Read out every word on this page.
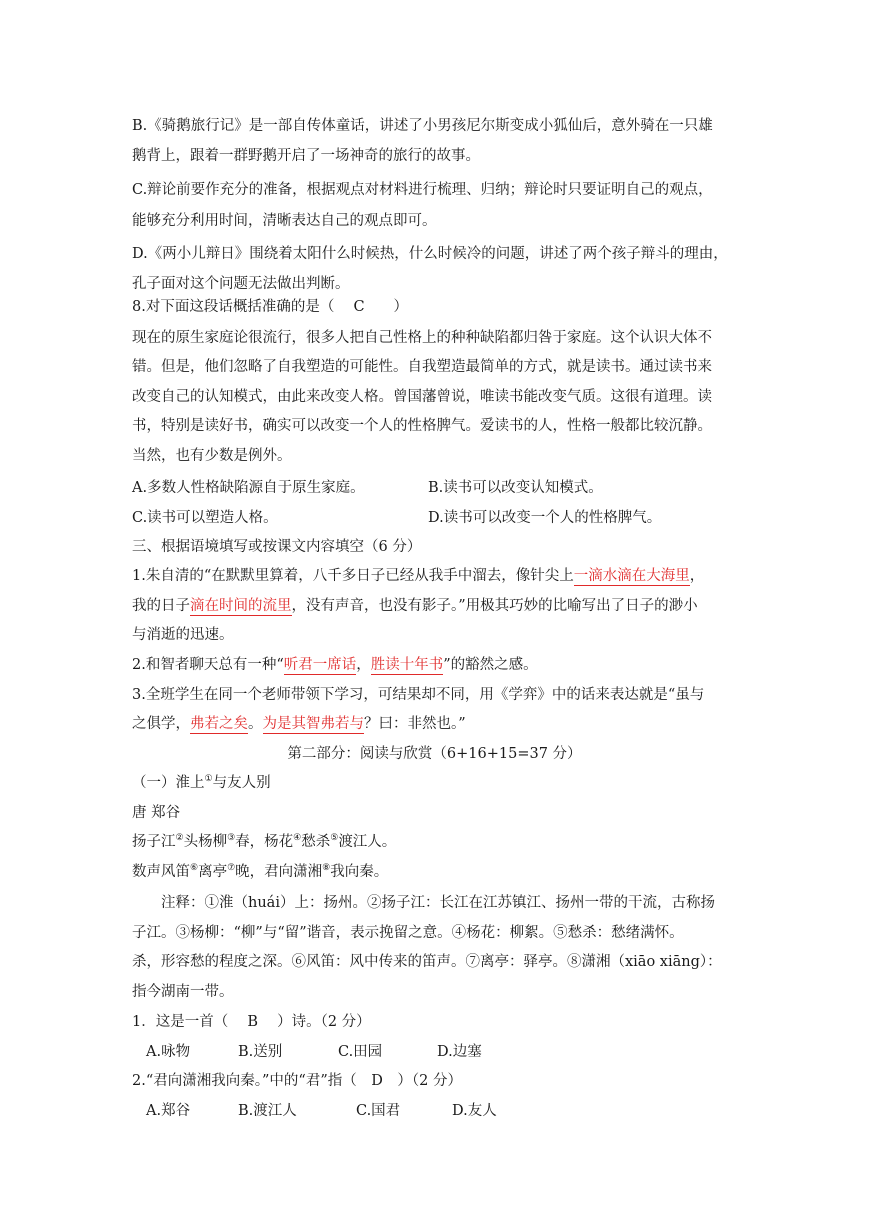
B.《骑鹅旅行记》是一部自传体童话，讲述了小男孩尼尔斯变成小狐仙后，意外骑在一只雄
鹅背上，跟着一群野鹅开启了一场神奇的旅行的故事。
C.辩论前要作充分的准备，根据观点对材料进行梳理、归纳；辩论时只要证明自己的观点，
能够充分利用时间，清晰表达自己的观点即可。
D.《两小儿辩日》围绕着太阳什么时候热，什么时候冷的问题，讲述了两个孩子辩斗的理由，
孔子面对这个问题无法做出判断。
8.对下面这段话概括准确的是（　 C　　）
现在的原生家庭论很流行，很多人把自己性格上的种种缺陷都归咎于家庭。这个认识大体不
错。但是，他们忽略了自我塑造的可能性。自我塑造最简单的方式，就是读书。通过读书来
改变自己的认知模式，由此来改变人格。曾国藩曾说，唯读书能改变气质。这很有道理。读
书，特别是读好书，确实可以改变一个人的性格脾气。爱读书的人，性格一般都比较沉静。
当然，也有少数是例外。
A.多数人性格缺陷源自于原生家庭。	B.读书可以改变认知模式。
C.读书可以塑造人格。	D.读书可以改变一个人的性格脾气。
三、根据语境填写或按课文内容填空（6 分）
1.朱自清的“在默默里算着，八千多日子已经从我手中溜去，像针尖上一滴水滴在大海里，
我的日子滴在时间的流里，没有声音，也没有影子。”用极其巧妙的比喻写出了日子的渺小
与消逝的迅速。
2.和智者聊天总有一种“听君一席话，胜读十年书”的豁然之感。
3.全班学生在同一个老师带领下学习，可结果却不同，用《学弈》中的话来表达就是“虽与
之俱学，弗若之矣。为是其智弗若与？曰：非然也。”
第二部分：阅读与欣赏（6+16+15=37 分）
（一）淮上①与友人别
唐 郑谷
扬子江②头杨柳③春，杨花④愁杀⑤渡江人。
数声风笛⑥离亭⑦晚，君向潇湘⑧我向秦。
注释：①淮（huái）上：扬州。②扬子江：长江在江苏镇江、扬州一带的干流，古称扬
子江。③杨柳：“柳”与“留”谐音，表示挽留之意。④杨花：柳絮。⑤愁杀：愁绪满怀。
杀，形容愁的程度之深。⑥风笛：风中传来的笛声。⑦离亭：驿亭。⑧潇湘（xiāo xiāng）：
指今湖南一带。
1．这是一首（　 B　 ）诗。（2 分）
A.咏物	B.送别	C.田园	D.边塞
2.“君向潇湘我向秦。”中的“君”指（　D　）（2 分）
A.郑谷	B.渡江人	C.国君	D.友人
